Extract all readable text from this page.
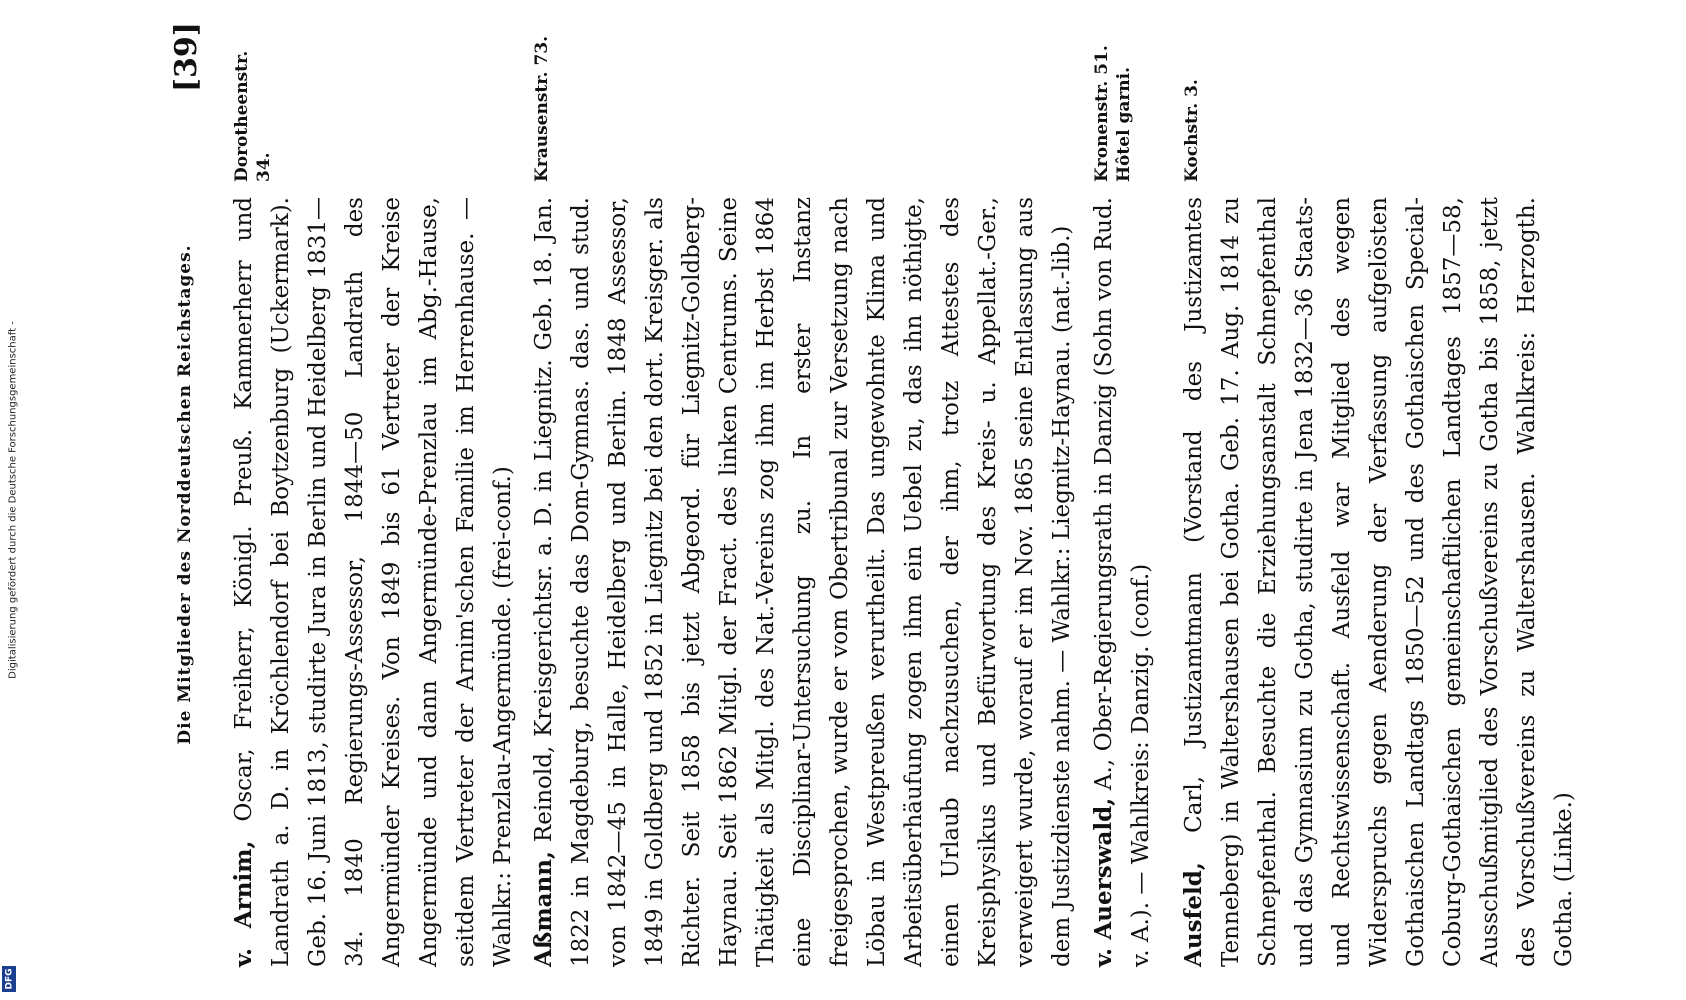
Digitalisierung gefördert durch die Deutsche Forschungsgemeinschaft -
DFG
Die Mitglieder des Norddeutschen Reichstages.
[39] Dorotheenstr. 34.
v. Arnim, Oscar, Freiherr, Königl. Preuß. Kammerherr und Landrath a. D. in Kröchlendorf bei Boytzenburg (Uckermark). Geb. 16. Juni 1813, studirte Jura in Berlin und Heidelberg 1831—34. 1840 Regierungs-Assessor, 1844—50 Landrath des Angermünder Kreises. Von 1849 bis 61 Vertreter der Kreise Angermünde und dann Angermünde-Prenzlau im Abg.-Hause, seitdem Vertreter der Arnim'schen Familie im Herrenhause. — Wahlkr.: Prenzlau-Angermünde. (frei-conf.)
Krausenstr. 73.
Aßmann, Reinold, Kreisgerichtsr. a. D. in Liegnitz. Geb. 18. Jan. 1822 in Magdeburg, besuchte das Dom-Gymnas. das. und stud. von 1842—45 in Halle, Heidelberg und Berlin. 1848 Assessor, 1849 in Goldberg und 1852 in Liegnitz bei den dort. Kreisger. als Richter. Seit 1858 bis jetzt Abgeord. für Liegnitz-Goldberg-Haynau. Seit 1862 Mitgl. der Fract. des linken Centrums. Seine Thätigkeit als Mitgl. des Nat.-Vereins zog ihm im Herbst 1864 eine Disciplinar-Untersuchung zu. In erster Instanz freigesprochen, wurde er vom Obertribunal zur Versetzung nach Löbau in Westpreußen verurtheilt. Das ungewohnte Klima und Arbeitsüberhäufung zogen ihm ein Uebel zu, das ihn nöthigte, einen Urlaub nachzusuchen, der ihm, trotz Attestes des Kreisphysikus und Befürwortung des Kreis- u. Appellat.-Ger., verweigert wurde, worauf er im Nov. 1865 seine Entlassung aus dem Justizdienste nahm. — Wahlkr.: Liegnitz-Haynau. (nat.-lib.)
Kronenstr. 51. Hôtel garni.
v. Auerswald, A., Ober-Regierungsrath in Danzig (Sohn von Rud. v. A.). — Wahlkreis: Danzig. (conf.)
Kochstr. 3.
Ausfeld, Carl, Justizamtmann (Vorstand des Justizamtes Tenneberg) in Waltershausen bei Gotha. Geb. 17. Aug. 1814 zu Schnepfenthal. Besuchte die Erziehungsanstalt Schnepfenthal und das Gymnasium zu Gotha, studirte in Jena 1832—36 Staats- und Rechtswissenschaft. Ausfeld war Mitglied des wegen Widerspruchs gegen Aenderung der Verfassung aufgelösten Gothaischen Landtags 1850—52 und des Gothaischen Special-Coburg-Gothaischen gemeinschaftlichen Landtages 1857—58, Ausschußmitglied des Vorschußvereins zu Gotha bis 1858, jetzt des Vorschußvereins zu Waltershausen. Wahlkreis: Herzogth. Gotha. (Linke.)
